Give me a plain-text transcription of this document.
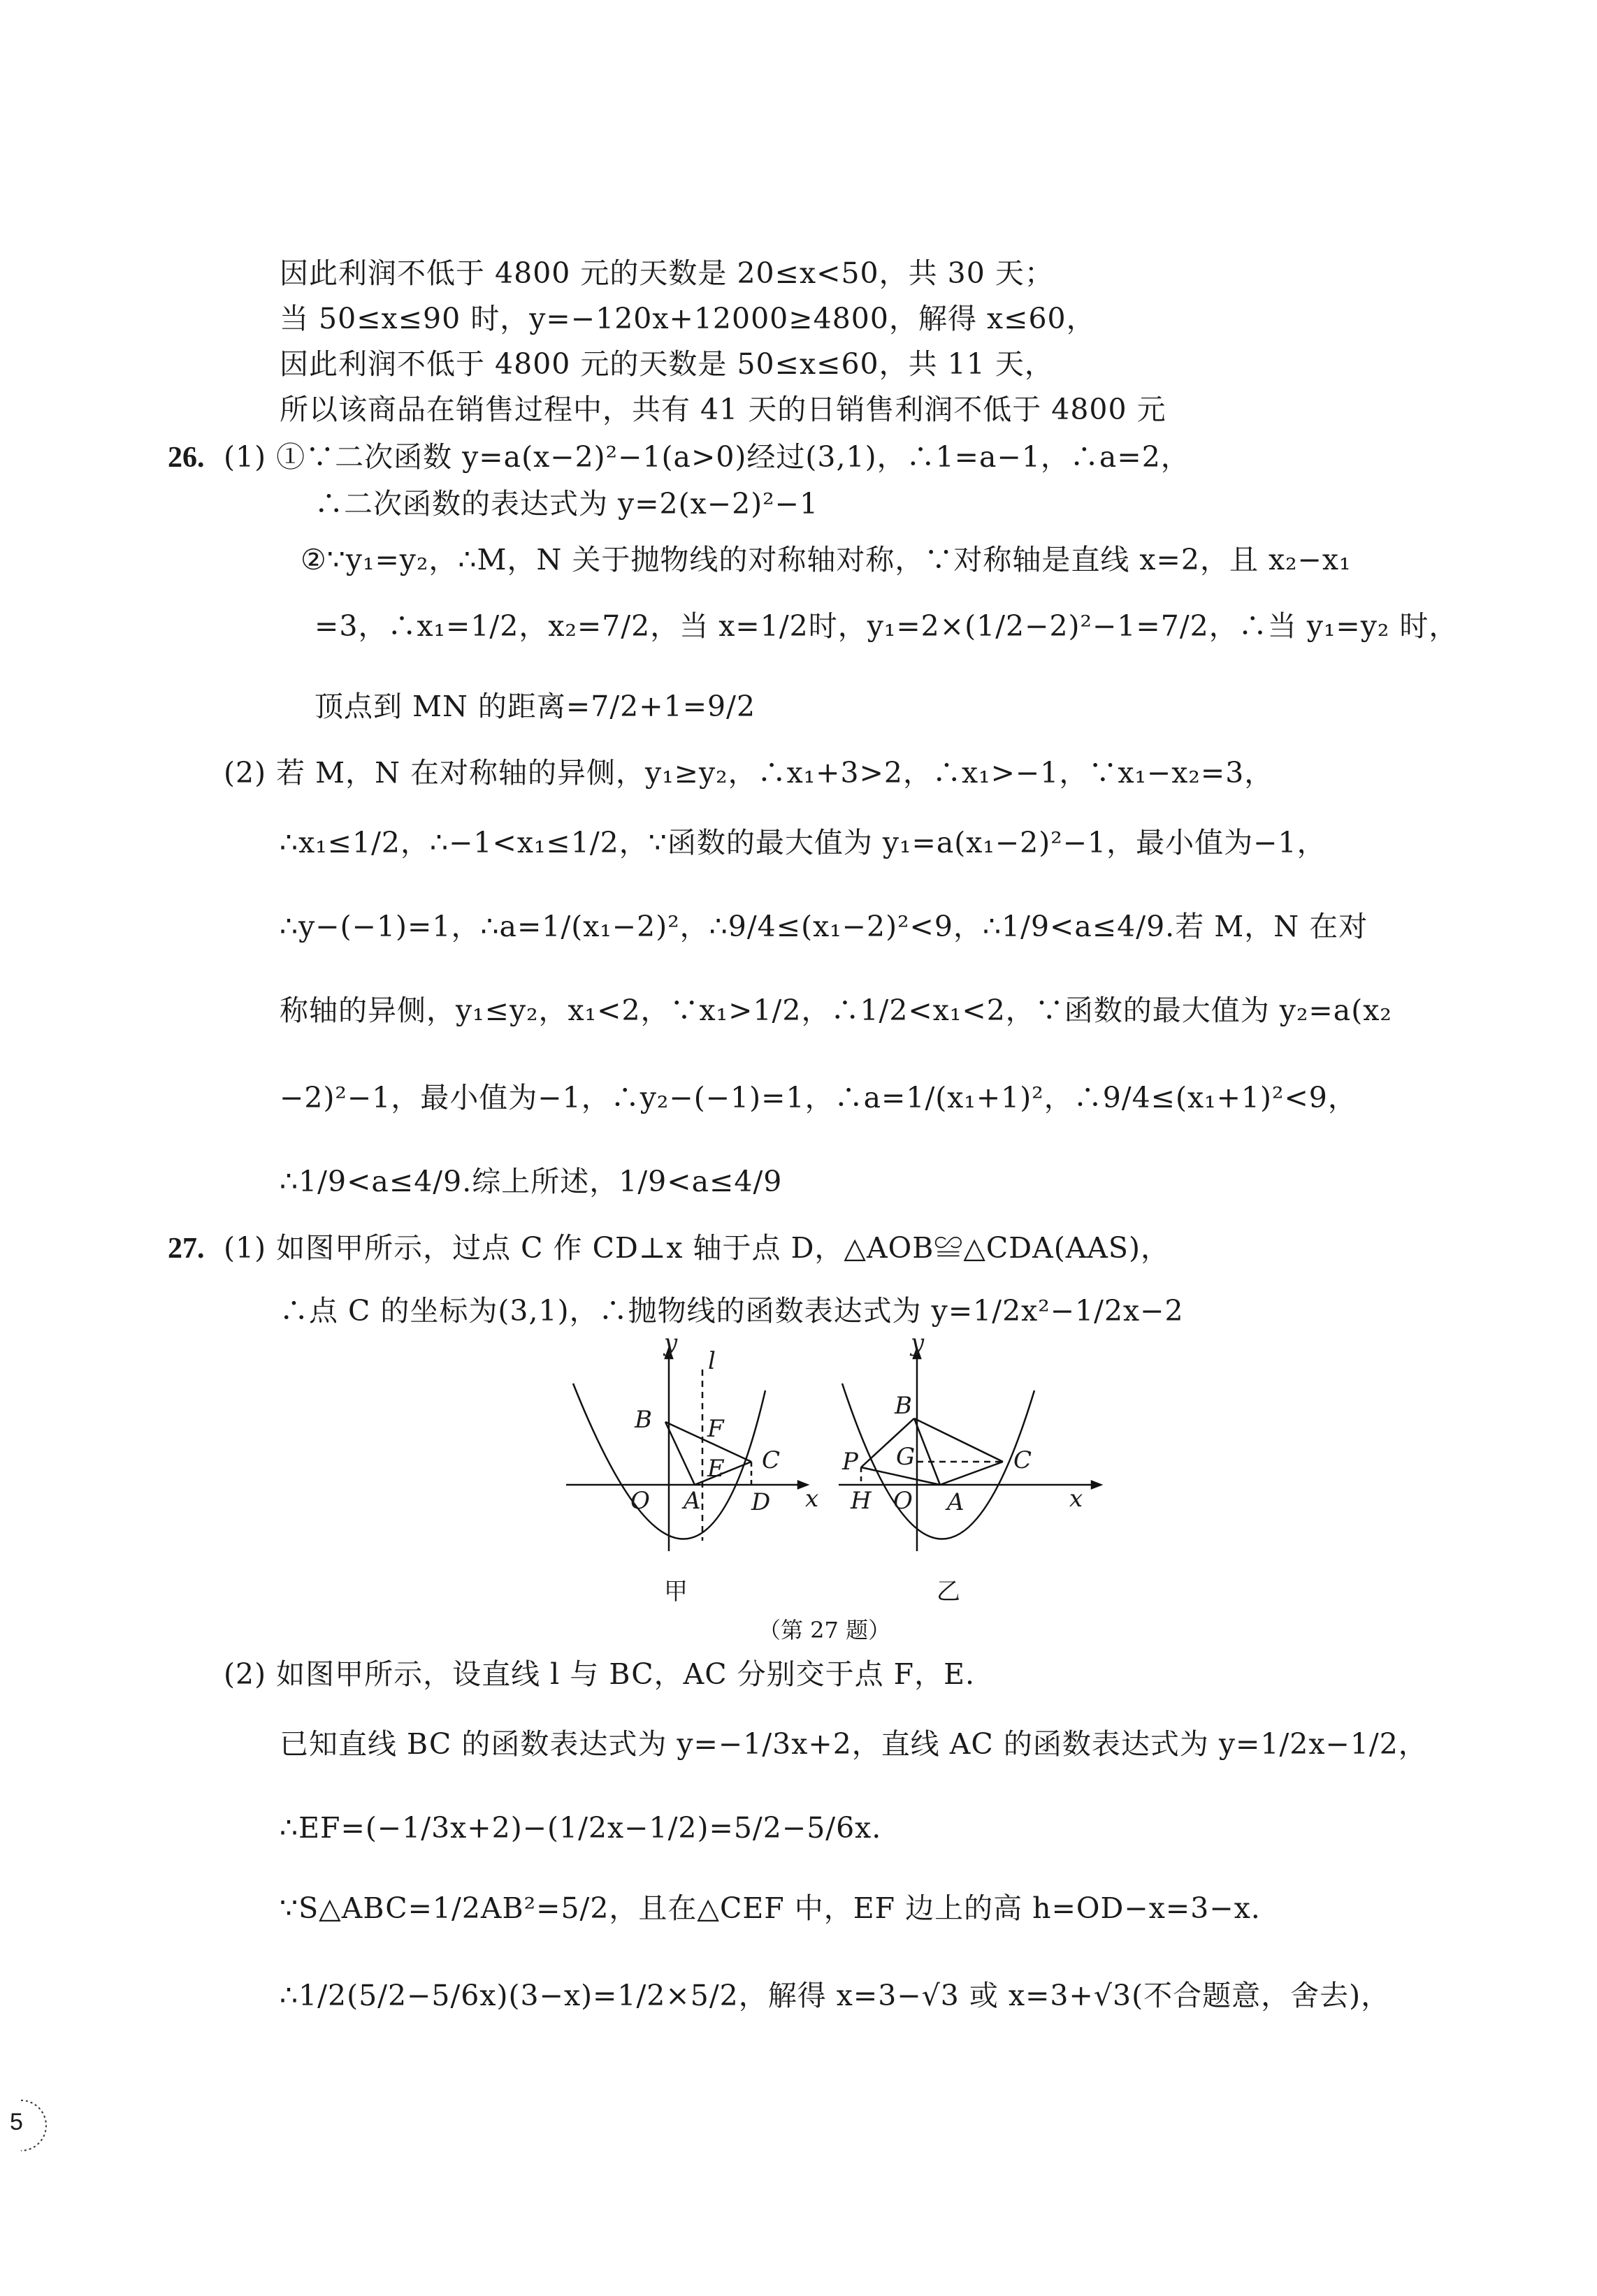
因此利润不低于 4800 元的天数是 20≤x<50，共 30 天；
当 50≤x≤90 时，y=−120x+12000≥4800，解得 x≤60，
因此利润不低于 4800 元的天数是 50≤x≤60，共 11 天，
所以该商品在销售过程中，共有 41 天的日销售利润不低于 4800 元
26. (1) ①∵二次函数 y=a(x−2)²−1(a>0)经过(3,1)，∴1=a−1，∴a=2，
∴二次函数的表达式为 y=2(x−2)²−1
②∵y₁=y₂，∴M，N 关于抛物线的对称轴对称，∵对称轴是直线 x=2，且 x₂−x₁
=3，∴x₁=1/2，x₂=7/2，当 x=1/2时，y₁=2×(1/2−2)²−1=7/2，∴当 y₁=y₂ 时，
顶点到 MN 的距离=7/2+1=9/2
(2) 若 M，N 在对称轴的异侧，y₁≥y₂，∴x₁+3>2，∴x₁>−1，∵x₁−x₂=3，
∴x₁≤1/2，∴−1<x₁≤1/2，∵函数的最大值为 y₁=a(x₁−2)²−1，最小值为−1，
∴y−(−1)=1，∴a=1/(x₁−2)²，∴9/4≤(x₁−2)²<9，∴1/9<a≤4/9.若 M，N 在对
称轴的异侧，y₁≤y₂，x₁<2，∵x₁>1/2，∴1/2<x₁<2，∵函数的最大值为 y₂=a(x₂
−2)²−1，最小值为−1，∴y₂−(−1)=1，∴a=1/(x₁+1)²，∴9/4≤(x₁+1)²<9，
∴1/9<a≤4/9.综上所述，1/9<a≤4/9
27. (1) 如图甲所示，过点 C 作 CD⊥x 轴于点 D，△AOB≌△CDA(AAS)，
∴点 C 的坐标为(3,1)，∴抛物线的函数表达式为 y=1/2x²−1/2x−2
y
l
B F
C
E
O A D x
y
B
P G	C
H O A	x
甲	乙
（第 27 题）
(2) 如图甲所示，设直线 l 与 BC，AC 分别交于点 F，E.
已知直线 BC 的函数表达式为 y=−1/3x+2，直线 AC 的函数表达式为 y=1/2x−1/2，
∴EF=(−1/3x+2)−(1/2x−1/2)=5/2−5/6x.
∵S△ABC=1/2AB²=5/2，且在△CEF 中，EF 边上的高 h=OD−x=3−x.
∴1/2(5/2−5/6x)(3−x)=1/2×5/2，解得 x=3−√3 或 x=3+√3(不合题意，舍去)，
5
